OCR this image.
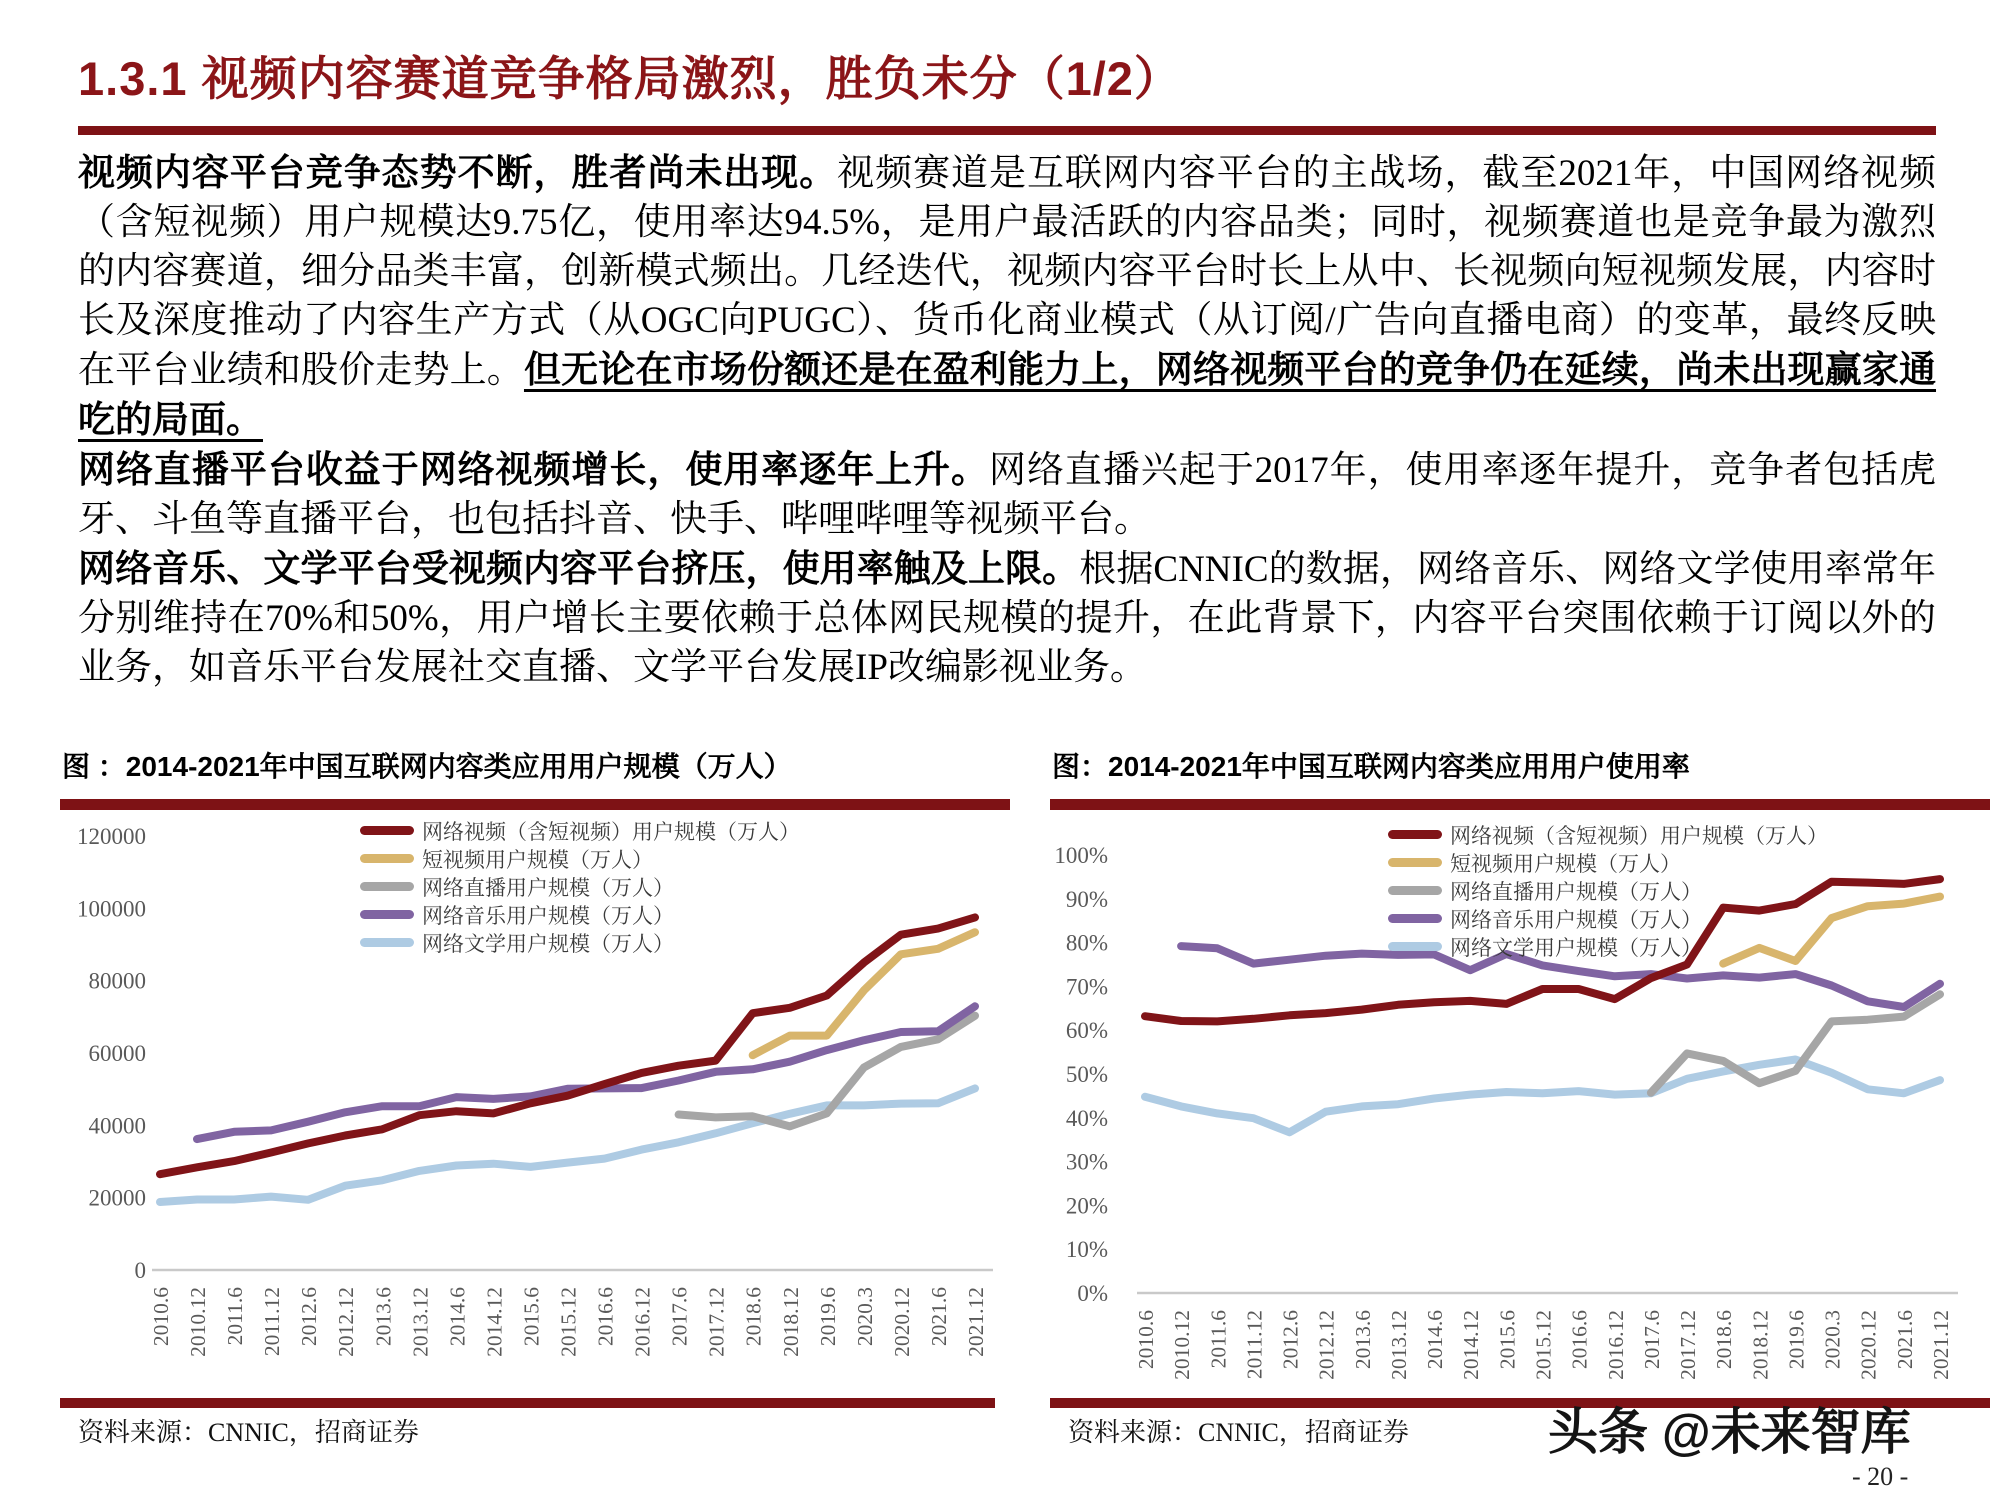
1.3.1 视频内容赛道竞争格局激烈，胜负未分（1/2）
视频内容平台竞争态势不断，胜者尚未出现。视频赛道是互联网内容平台的主战场，截至2021年，中国网络视频（含短视频）用户规模达9.75亿，使用率达94.5%，是用户最活跃的内容品类；同时，视频赛道也是竞争最为激烈的内容赛道，细分品类丰富，创新模式频出。几经迭代，视频内容平台时长上从中、长视频向短视频发展，内容时长及深度推动了内容生产方式（从OGC向PUGC）、货币化商业模式（从订阅/广告向直播电商）的变革，最终反映在平台业绩和股价走势上。但无论在市场份额还是在盈利能力上，网络视频平台的竞争仍在延续，尚未出现赢家通吃的局面。
网络直播平台收益于网络视频增长，使用率逐年上升。网络直播兴起于2017年，使用率逐年提升，竞争者包括虎牙、斗鱼等直播平台，也包括抖音、快手、哔哩哔哩等视频平台。
网络音乐、文学平台受视频内容平台挤压，使用率触及上限。根据CNNIC的数据，网络音乐、网络文学使用率常年分别维持在70%和50%，用户增长主要依赖于总体网民规模的提升，在此背景下，内容平台突围依赖于订阅以外的业务，如音乐平台发展社交直播、文学平台发展IP改编影视业务。
图 ：2014-2021年中国互联网内容类应用用户规模（万人）
0
20000
40000
60000
80000
100000
120000
2010.6 2010.12 2011.6 2011.12 2012.6 2012.12 2013.6 2013.12 2014.6 2014.12 2015.6 2015.12 2016.6 2016.12 2017.6 2017.12 2018.6 2018.12 2019.6 2020.3 2020.12 2021.6 2021.12
网络视频（含短视频）用户规模（万人）
短视频用户规模（万人）
网络直播用户规模（万人）
网络音乐用户规模（万人）
网络文学用户规模（万人）
图：2014-2021年中国互联网内容类应用用户使用率
0%
10%
20%
30%
40%
50%
60%
70%
80%
90%
100%
2010.6 2010.12 2011.6 2011.12 2012.6 2012.12 2013.6 2013.12 2014.6 2014.12 2015.6 2015.12 2016.6 2016.12 2017.6 2017.12 2018.6 2018.12 2019.6 2020.3 2020.12 2021.6 2021.12
网络视频（含短视频）用户规模（万人）
短视频用户规模（万人）
网络直播用户规模（万人）
网络音乐用户规模（万人）
网络文学用户规模（万人）
资料来源：CNNIC，招商证券	资料来源：CNNIC，招商证券	头条 @未来智库
- 20 -
